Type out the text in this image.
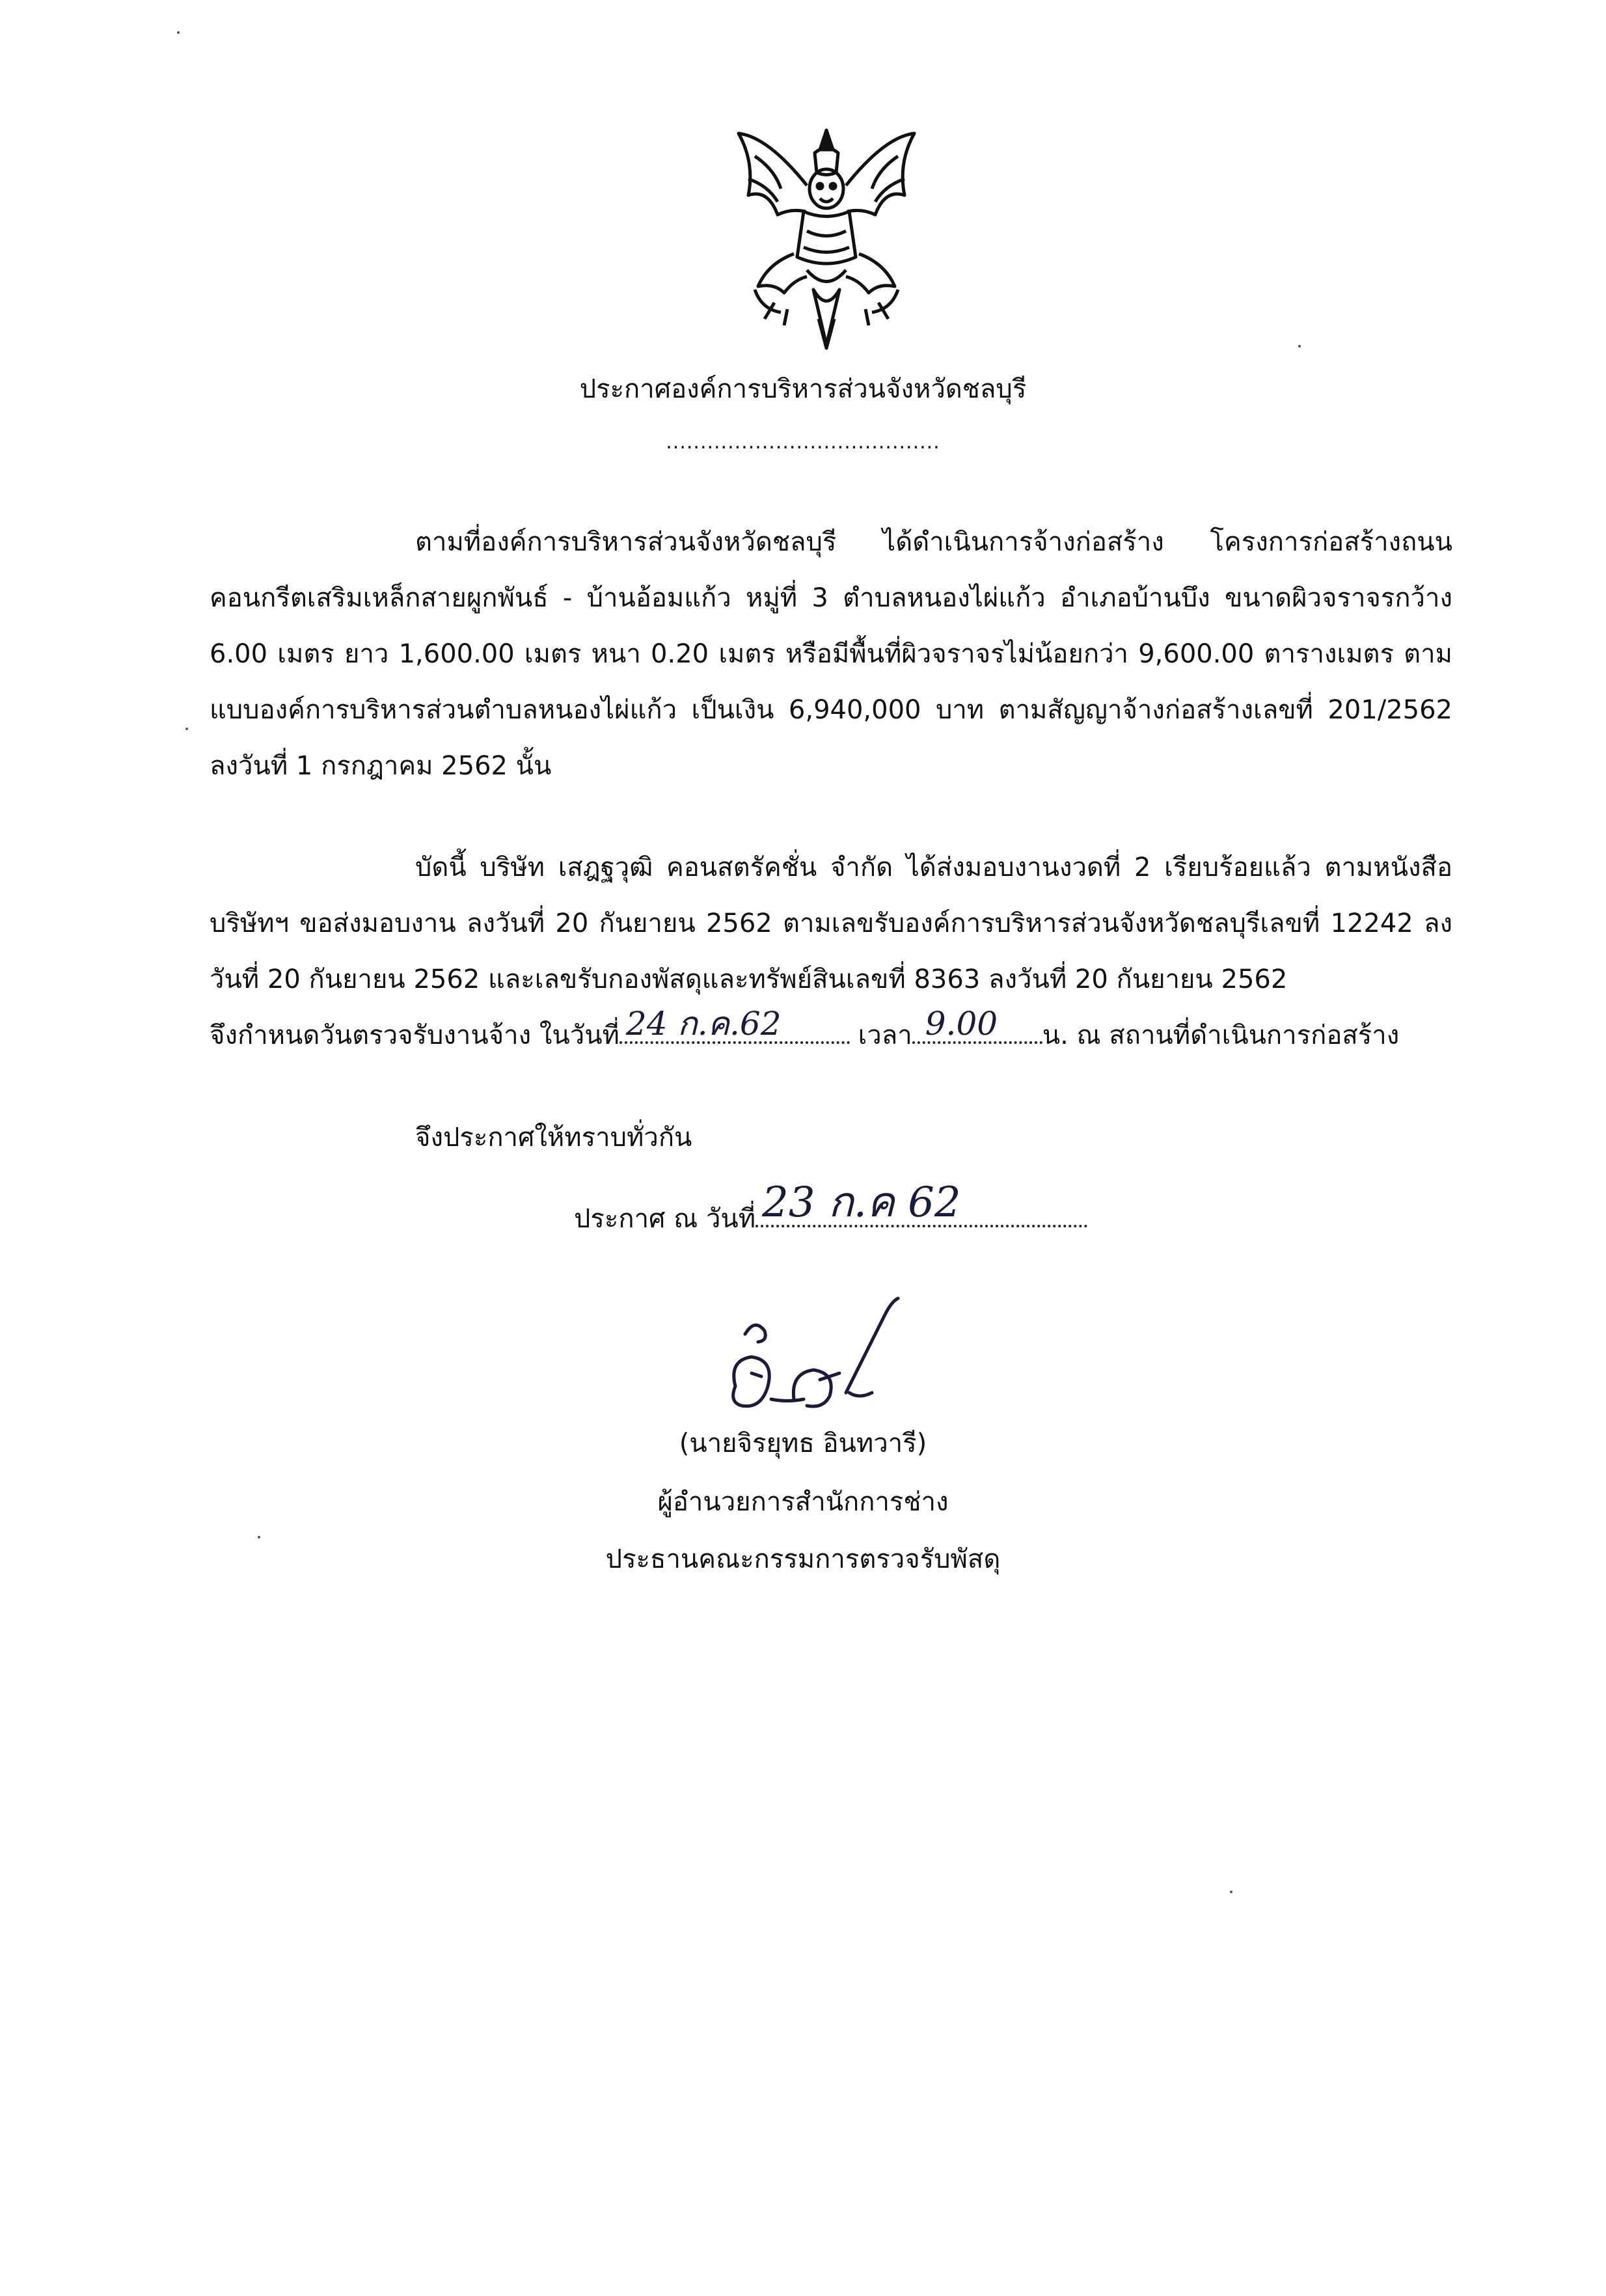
ประกาศองค์การบริหารส่วนจังหวัดชลบุรี
........................................

ตามที่องค์การบริหารส่วนจังหวัดชลบุรี ได้ดำเนินการจ้างก่อสร้าง โครงการก่อสร้างถนนคอนกรีตเสริมเหล็กสายผูกพันธ์ - บ้านอ้อมแก้ว หมู่ที่ 3 ตำบลหนองไผ่แก้ว อำเภอบ้านบึง ขนาดผิวจราจรกว้าง 6.00 เมตร ยาว 1,600.00 เมตร หนา 0.20 เมตร หรือมีพื้นที่ผิวจราจรไม่น้อยกว่า 9,600.00 ตารางเมตร ตามแบบองค์การบริหารส่วนตำบลหนองไผ่แก้ว เป็นเงิน 6,940,000 บาท ตามสัญญาจ้างก่อสร้างเลขที่ 201/2562 ลงวันที่ 1 กรกฎาคม 2562 นั้น

บัดนี้ บริษัท เสฎฐวุฒิ คอนสตรัคชั่น จำกัด ได้ส่งมอบงานงวดที่ 2 เรียบร้อยแล้ว ตามหนังสือบริษัทฯ ขอส่งมอบงาน ลงวันที่ 20 กันยายน 2562 ตามเลขรับองค์การบริหารส่วนจังหวัดชลบุรีเลขที่ 12242 ลงวันที่ 20 กันยายน 2562 และเลขรับกองพัสดุและทรัพย์สินเลขที่ 8363 ลงวันที่ 20 กันยายน 2562

จึงกำหนดวันตรวจรับงานจ้าง ในวันที่ 24 ก.ค.62	เวลา 9.00 น. ณ สถานที่ดำเนินการก่อสร้าง
จึงประกาศให้ทราบทั่วกัน
ประกาศ ณ วันที่ 23 ก.ค 62
(นายจิรยุทธ อินทวารี)
ผู้อำนวยการสำนักการช่าง
ประธานคณะกรรมการตรวจรับพัสดุ
